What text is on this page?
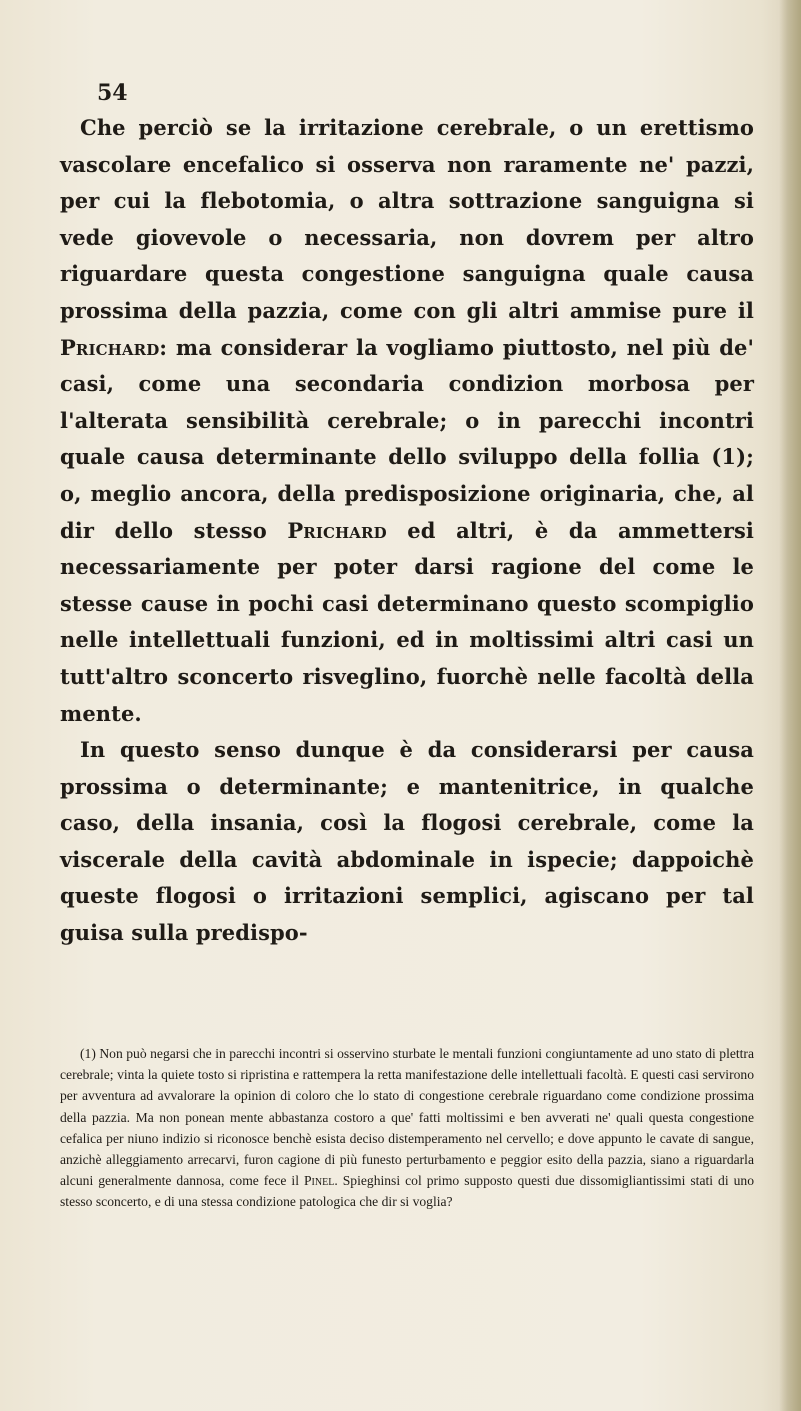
54

Che perciò se la irritazione cerebrale, o un erettismo vascolare encefalico si osserva non raramente ne' pazzi, per cui la flebotomia, o altra sottrazione sanguigna si vede giovevole o necessaria, non dovrem per altro riguardare questa congestione sanguigna quale causa prossima della pazzia, come con gli altri ammise pure il Prichard: ma considerar la vogliamo piuttosto, nel più de' casi, come una secondaria condizion morbosa per l'alterata sensibilità cerebrale; o in parecchi incontri quale causa determinante dello sviluppo della follia (1); o, meglio ancora, della predisposizione originaria, che, al dir dello stesso Prichard ed altri, è da ammettersi necessariamente per poter darsi ragione del come le stesse cause in pochi casi determinano questo scompiglio nelle intellettuali funzioni, ed in moltissimi altri casi un tutt'altro sconcerto risveglino, fuorchè nelle facoltà della mente.

In questo senso dunque è da considerarsi per causa prossima o determinante; e mantenitrice, in qualche caso, della insania, così la flogosi cerebrale, come la viscerale della cavità abdominale in ispecie; dappoichè queste flogosi o irritazioni semplici, agiscano per tal guisa sulla predispo-

(1) Non può negarsi che in parecchi incontri si osservino sturbate le mentali funzioni congiuntamente ad uno stato di plettra cerebrale; vinta la quiete tosto si ripristina e rattempera la retta manifestazione delle intellettuali facoltà. E questi casi servirono per avventura ad avvalorare la opinion di coloro che lo stato di congestione cerebrale riguardano come condizione prossima della pazzia. Ma non ponean mente abbastanza costoro a que' fatti moltissimi e ben avverati ne' quali questa congestione cefalica per niuno indizio si riconosce benchè esista deciso distemperamento nel cervello; e dove appunto le cavate di sangue, anzichè alleggiamento arrecarvi, furon cagione di più funesto perturbamento e peggior esito della pazzia, siano a riguardarla alcuni generalmente dannosa, come fece il Pinel. Spieghinsi col primo supposto questi due dissomigliantissimi stati di uno stesso sconcerto, e di una stessa condizione patologica che dir si voglia?
